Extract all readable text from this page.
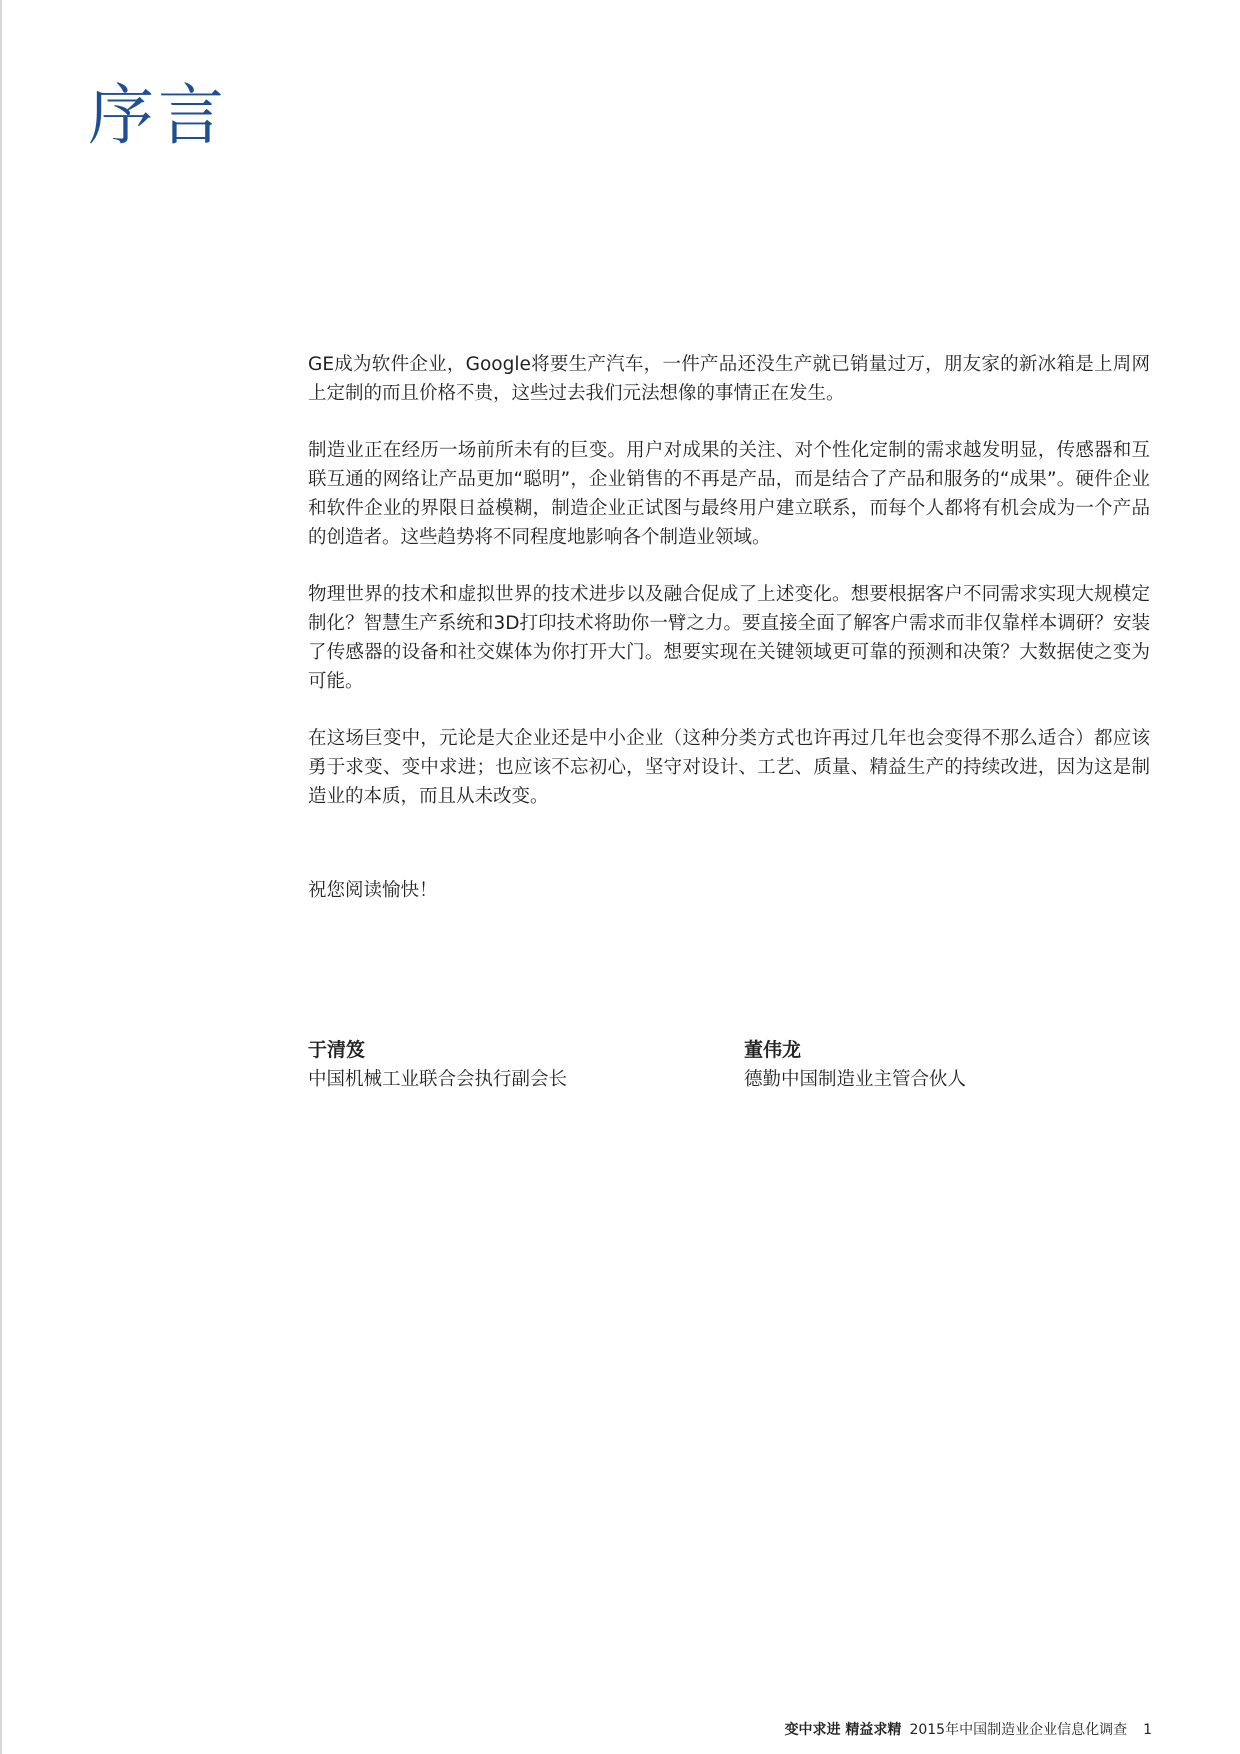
序言

GE成为软件企业，Google将要生产汽车，一件产品还没生产就已销量过万，朋友家的新冰箱是上周网上定制的而且价格不贵，这些过去我们元法想像的事情正在发生。

制造业正在经历一场前所未有的巨变。用户对成果的关注、对个性化定制的需求越发明显，传感器和互联互通的网络让产品更加“聪明”，企业销售的不再是产品，而是结合了产品和服务的“成果”。硬件企业和软件企业的界限日益模糊，制造企业正试图与最终用户建立联系，而每个人都将有机会成为一个产品的创造者。这些趋势将不同程度地影响各个制造业领域。

物理世界的技术和虚拟世界的技术进步以及融合促成了上述变化。想要根据客户不同需求实现大规模定制化？智慧生产系统和3D打印技术将助你一臂之力。要直接全面了解客户需求而非仅靠样本调研？安装了传感器的设备和社交媒体为你打开大门。想要实现在关键领域更可靠的预测和决策？大数据使之变为可能。

在这场巨变中，元论是大企业还是中小企业（这种分类方式也许再过几年也会变得不那么适合）都应该勇于求变、变中求进；也应该不忘初心，坚守对设计、工艺、质量、精益生产的持续改进，因为这是制造业的本质，而且从未改变。

祝您阅读愉快！

于清笈

中国机械工业联合会执行副会长

董伟龙

德勤中国制造业主管合伙人

变中求进 精益求精 2015年中国制造业企业信息化调查 1
